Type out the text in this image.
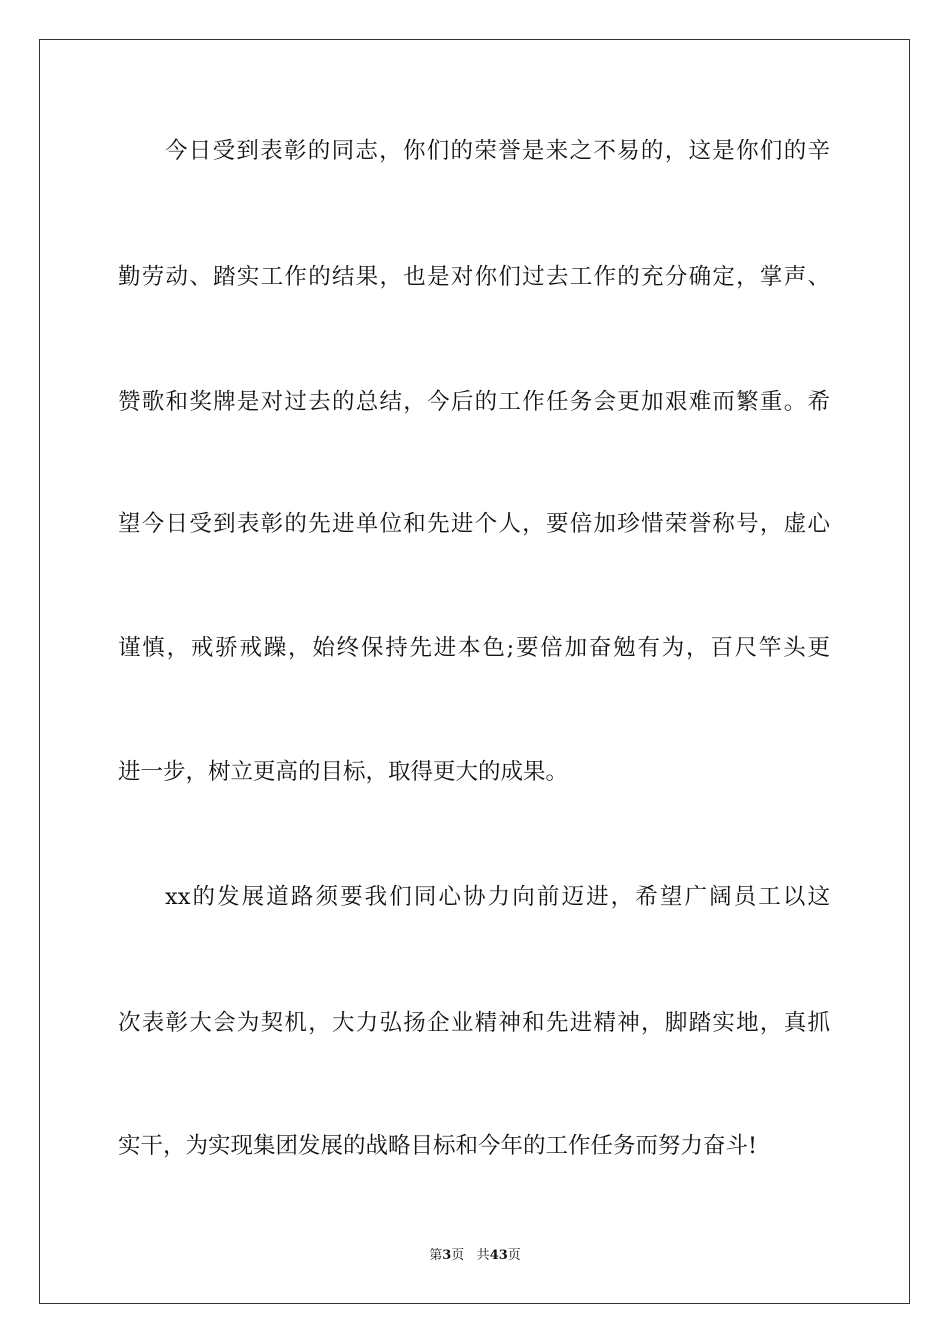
今日受到表彰的同志，你们的荣誉是来之不易的，这是你们的辛
勤劳动、踏实工作的结果，也是对你们过去工作的充分确定，掌声、
赞歌和奖牌是对过去的总结，今后的工作任务会更加艰难而繁重。希
望今日受到表彰的先进单位和先进个人，要倍加珍惜荣誉称号，虚心
谨慎，戒骄戒躁，始终保持先进本色;要倍加奋勉有为，百尺竿头更
进一步，树立更高的目标，取得更大的成果。
xx的发展道路须要我们同心协力向前迈进，希望广阔员工以这
次表彰大会为契机，大力弘扬企业精神和先进精神，脚踏实地，真抓
实干，为实现集团发展的战略目标和今年的工作任务而努力奋斗!
第3页 共43页
